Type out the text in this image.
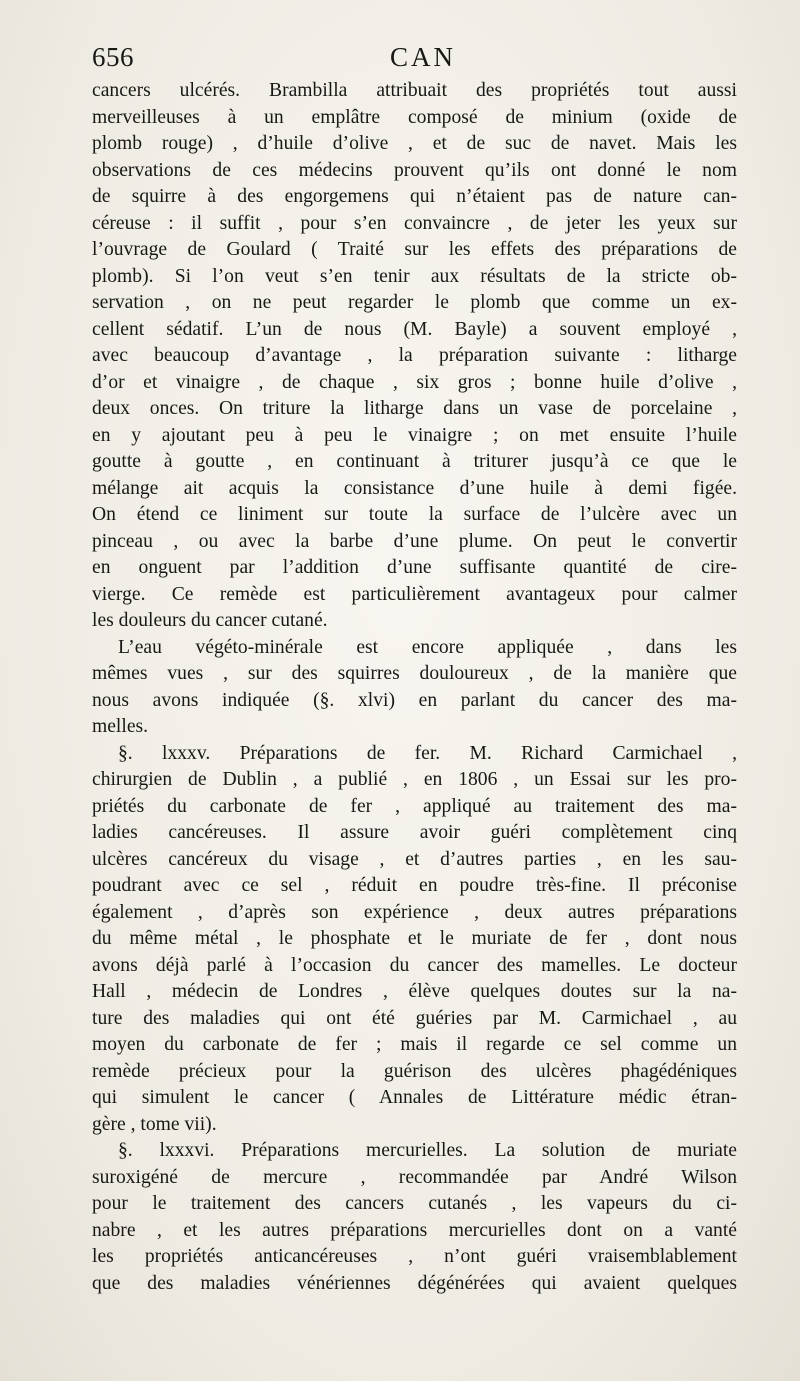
656	CAN
cancers ulcérés. Brambilla attribuait des propriétés tout aussi
merveilleuses à un emplâtre composé de minium (oxide de
plomb rouge) , d’huile d’olive , et de suc de navet. Mais les
observations de ces médecins prouvent qu’ils ont donné le nom
de squirre à des engorgemens qui n’étaient pas de nature can-
céreuse : il suffit , pour s’en convaincre , de jeter les yeux sur
l’ouvrage de Goulard ( Traité sur les effets des préparations de
plomb). Si l’on veut s’en tenir aux résultats de la stricte ob-
servation , on ne peut regarder le plomb que comme un ex-
cellent sédatif. L’un de nous (M. Bayle) a souvent employé ,
avec beaucoup d’avantage , la préparation suivante : litharge
d’or et vinaigre , de chaque , six gros ; bonne huile d’olive ,
deux onces. On triture la litharge dans un vase de porcelaine ,
en y ajoutant peu à peu le vinaigre ; on met ensuite l’huile
goutte à goutte , en continuant à triturer jusqu’à ce que le
mélange ait acquis la consistance d’une huile à demi figée.
On étend ce liniment sur toute la surface de l’ulcère avec un
pinceau , ou avec la barbe d’une plume. On peut le convertir
en onguent par l’addition d’une suffisante quantité de cire-
vierge. Ce remède est particulièrement avantageux pour calmer
les douleurs du cancer cutané.
L’eau végéto-minérale est encore appliquée , dans les
mêmes vues , sur des squirres douloureux , de la manière que
nous avons indiquée (§. xlvi) en parlant du cancer des ma-
melles.
§. lxxxv. Préparations de fer. M. Richard Carmichael ,
chirurgien de Dublin , a publié , en 1806 , un Essai sur les pro-
priétés du carbonate de fer , appliqué au traitement des ma-
ladies cancéreuses. Il assure avoir guéri complètement cinq
ulcères cancéreux du visage , et d’autres parties , en les sau-
poudrant avec ce sel , réduit en poudre très-fine. Il préconise
également , d’après son expérience , deux autres préparations
du même métal , le phosphate et le muriate de fer , dont nous
avons déjà parlé à l’occasion du cancer des mamelles. Le docteur
Hall , médecin de Londres , élève quelques doutes sur la na-
ture des maladies qui ont été guéries par M. Carmichael , au
moyen du carbonate de fer ; mais il regarde ce sel comme un
remède précieux pour la guérison des ulcères phagédéniques
qui simulent le cancer ( Annales de Littérature médic étran-
gère , tome vii).
§. lxxxvi. Préparations mercurielles. La solution de muriate
suroxigéné de mercure , recommandée par André Wilson
pour le traitement des cancers cutanés , les vapeurs du ci-
nabre , et les autres préparations mercurielles dont on a vanté
les propriétés anticancéreuses , n’ont guéri vraisemblablement
que des maladies vénériennes dégénérées qui avaient quelques
